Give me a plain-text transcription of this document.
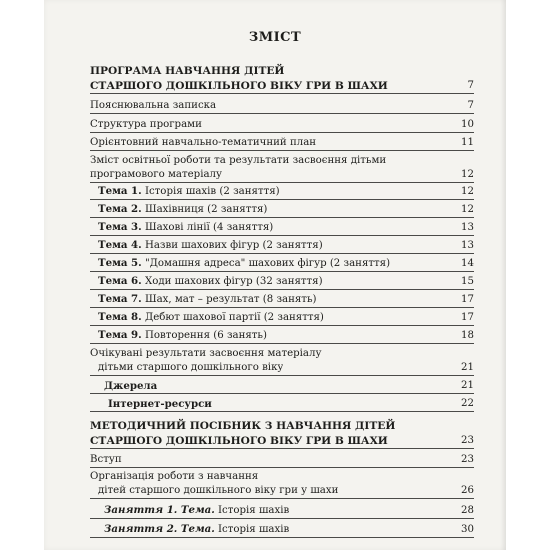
ЗМІСТ
ПРОГРАМА НАВЧАННЯ ДІТЕЙ
СТАРШОГО ДОШКІЛЬНОГО ВІКУ ГРИ В ШАХИ	7
Пояснювальна записка	7
Структура програми	10
Орієнтовний навчально-тематичний план	11
Зміст освітньої роботи та результати засвоєння дітьми
програмового матеріалу	12
Тема 1. Історія шахів (2 заняття)	12
Тема 2. Шахівниця (2 заняття)	12
Тема 3. Шахові лінії (4 заняття)	13
Тема 4. Назви шахових фігур (2 заняття)	13
Тема 5. "Домашня адреса" шахових фігур (2 заняття)	14
Тема 6. Ходи шахових фігур (32 заняття)	15
Тема 7. Шах, мат – результат (8 занять)	17
Тема 8. Дебют шахової партії (2 заняття)	17
Тема 9. Повторення (6 занять)	18
Очікувані результати засвоєння матеріалу
дітьми старшого дошкільного віку	21
Джерела	21
Інтернет-ресурси	22
МЕТОДИЧНИЙ ПОСІБНИК З НАВЧАННЯ ДІТЕЙ
СТАРШОГО ДОШКІЛЬНОГО ВІКУ ГРИ В ШАХИ	23
Вступ	23
Організація роботи з навчання
дітей старшого дошкільного віку гри у шахи	26
Заняття 1. Тема. Історія шахів	28
Заняття 2. Тема. Історія шахів	30
